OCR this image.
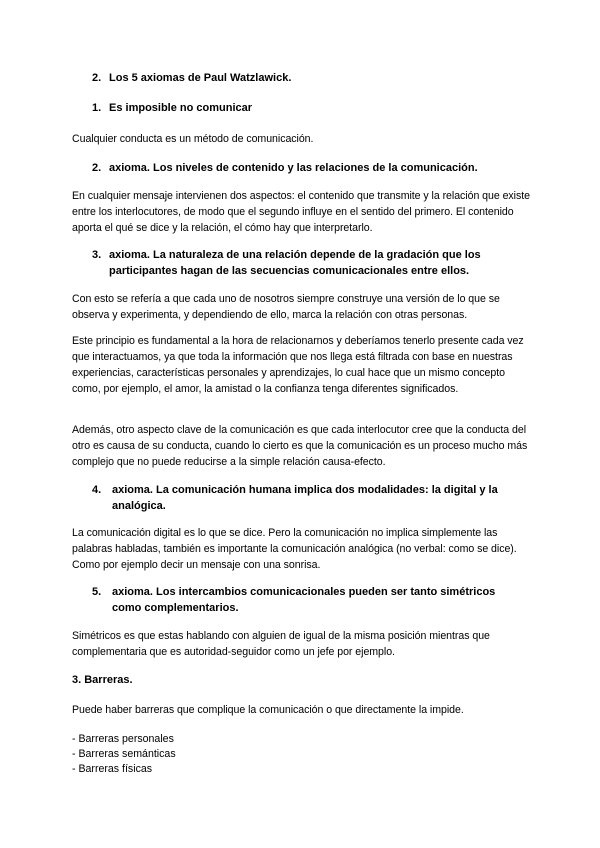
2. Los 5 axiomas de Paul Watzlawick.
1. Es imposible no comunicar
Cualquier conducta es un método de comunicación.
2. axioma. Los niveles de contenido y las relaciones de la comunicación.
En cualquier mensaje intervienen dos aspectos: el contenido que transmite y la relación que existe entre los interlocutores, de modo que el segundo influye en el sentido del primero. El contenido aporta el qué se dice y la relación, el cómo hay que interpretarlo.
3. axioma. La naturaleza de una relación depende de la gradación que los participantes hagan de las secuencias comunicacionales entre ellos.
Con esto se refería a que cada uno de nosotros siempre construye una versión de lo que se observa y experimenta, y dependiendo de ello, marca la relación con otras personas.
Este principio es fundamental a la hora de relacionarnos y deberíamos tenerlo presente cada vez que interactuamos, ya que toda la información que nos llega está filtrada con base en nuestras experiencias, características personales y aprendizajes, lo cual hace que un mismo concepto como, por ejemplo, el amor, la amistad o la confianza tenga diferentes significados.
Además, otro aspecto clave de la comunicación es que cada interlocutor cree que la conducta del otro es causa de su conducta, cuando lo cierto es que la comunicación es un proceso mucho más complejo que no puede reducirse a la simple relación causa-efecto.
4. axioma. La comunicación humana implica dos modalidades: la digital y la analógica.
La comunicación digital es lo que se dice. Pero la comunicación no implica simplemente las palabras habladas, también es importante la comunicación analógica (no verbal: como se dice). Como por ejemplo decir un mensaje con una sonrisa.
5. axioma. Los intercambios comunicacionales pueden ser tanto simétricos como complementarios.
Simétricos es que estas hablando con alguien de igual de la misma posición mientras que complementaria que es autoridad-seguidor como un jefe por ejemplo.
3. Barreras.
Puede haber barreras que complique la comunicación o que directamente la impide.
- Barreras personales
- Barreras semánticas
- Barreras físicas
